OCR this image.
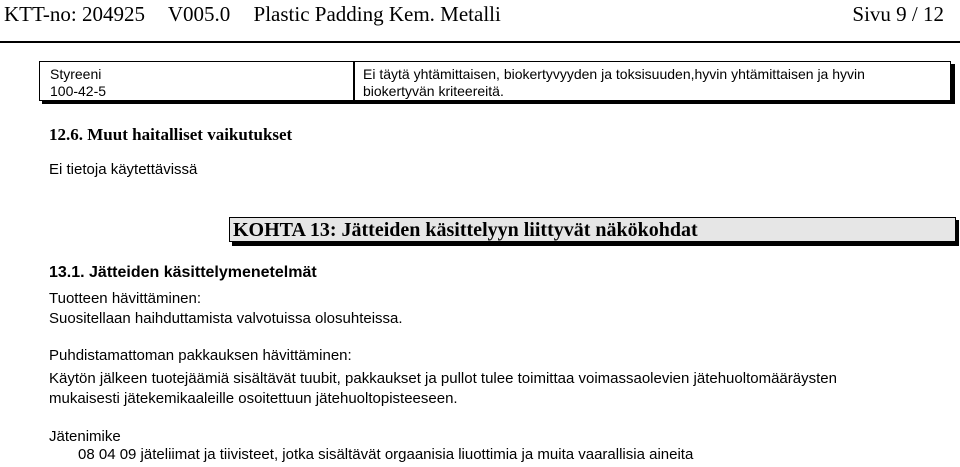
KTT-no: 204925 V005.0 Plastic Padding Kem. Metalli	Sivu 9 / 12
Styreeni
100-42-5
Ei täytä yhtämittaisen, biokertyvyyden ja toksisuuden,hyvin yhtämittaisen ja hyvin biokertyvän kriteereitä.
12.6. Muut haitalliset vaikutukset
Ei tietoja käytettävissä
KOHTA 13: Jätteiden käsittelyyn liittyvät näkökohdat
13.1. Jätteiden käsittelymenetelmät
Tuotteen hävittäminen:
Suositellaan haihduttamista valvotuissa olosuhteissa.
Puhdistamattoman pakkauksen hävittäminen:
Käytön jälkeen tuotejäämiä sisältävät tuubit, pakkaukset ja pullot tulee toimittaa voimassaolevien jätehuoltomääräysten
mukaisesti jätekemikaaleille osoitettuun jätehuoltopisteeseen.
Jätenimike
08 04 09 jäteliimat ja tiivisteet, jotka sisältävät orgaanisia liuottimia ja muita vaarallisia aineita
